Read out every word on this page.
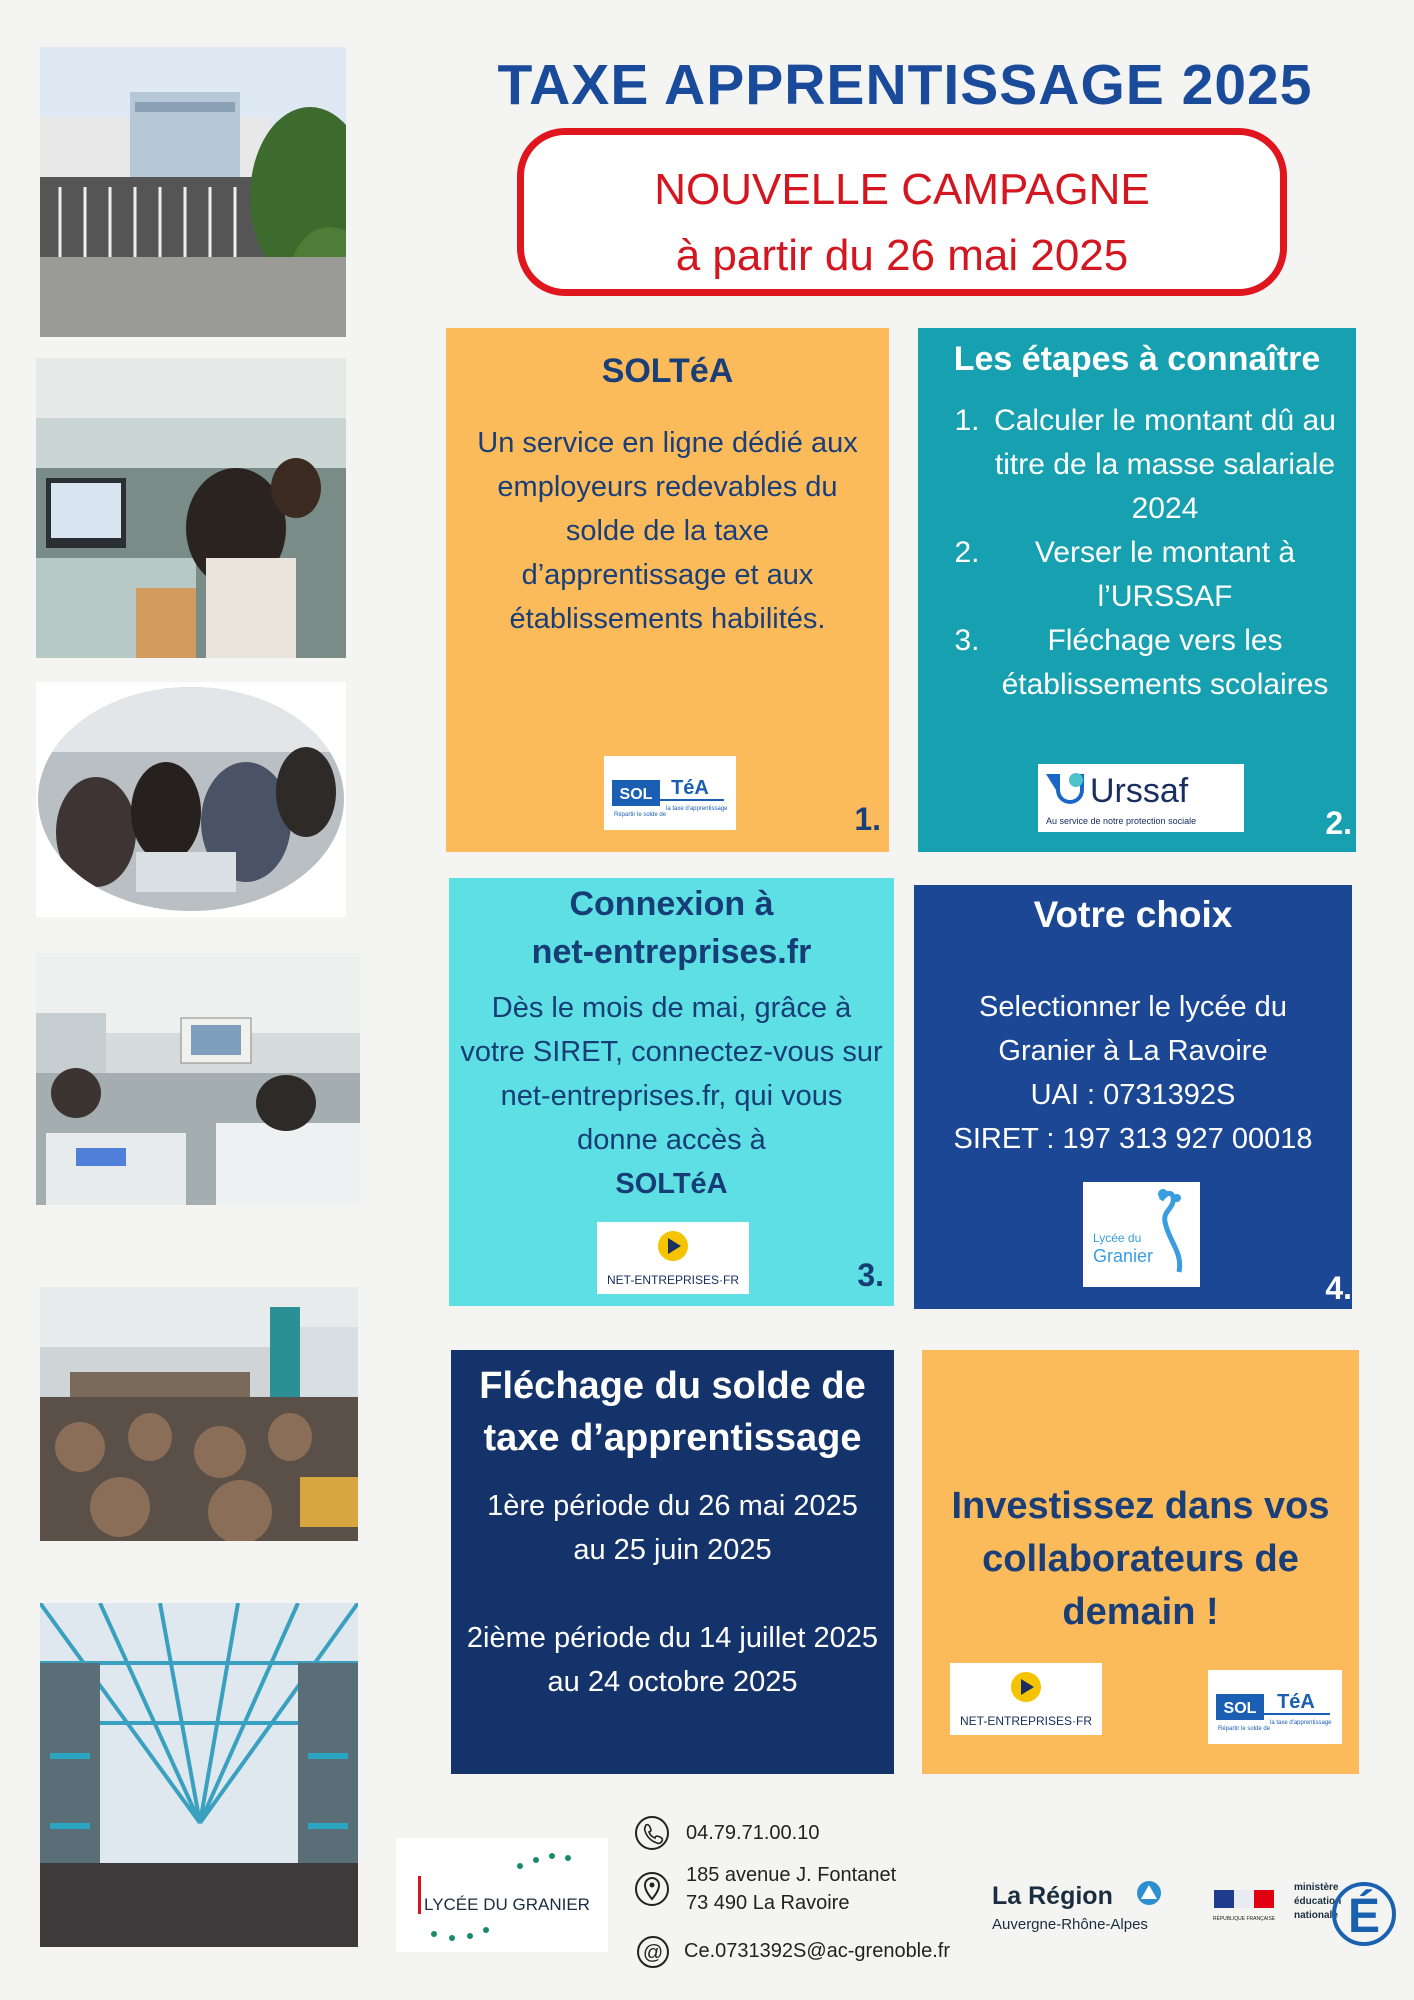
TAXE APPRENTISSAGE 2025
NOUVELLE CAMPAGNE
à partir du 26 mai 2025
SOLTéA
Un service en ligne dédié aux employeurs redevables du solde de la taxe d’apprentissage et aux établissements habilités.
SOL TéA
Répartir le solde de
la taxe d'apprentissage	1.
Les étapes à connaître
1. Calculer le montant dû au titre de la masse salariale 2024
2.	Verser le montant à l’URSSAF
3.	Fléchage vers les établissements scolaires
Urssaf
Au service de notre protection sociale	2.
Connexion à
net-entreprises.fr
Dès le mois de mai, grâce à votre SIRET, connectez-vous sur net-entreprises.fr, qui vous donne accès à
SOLTéA
NET-ENTREPRISES·FR	3.
Votre choix
Selectionner le lycée du Granier à La Ravoire
UAI : 0731392S
SIRET : 197 313 927 00018
Lycée du
Granier
4.
Fléchage du solde de taxe d’apprentissage
1ère période du 26 mai 2025 au 25 juin 2025
2ième période du 14 juillet 2025 au 24 octobre 2025
Investissez dans vos collaborateurs de demain !
NET-ENTREPRISES·FR
SOL TéA
Répartir le solde de
la taxe d'apprentissage
LYCÉE DU GRANIER
04.79.71.00.10
185 avenue J. Fontanet
73 490 La Ravoire
@ Ce.0731392S@ac-grenoble.fr
La Région
Auvergne-Rhône-Alpes	RÉPUBLIQUE FRANÇAISE
ministère
éducation
nationale É
